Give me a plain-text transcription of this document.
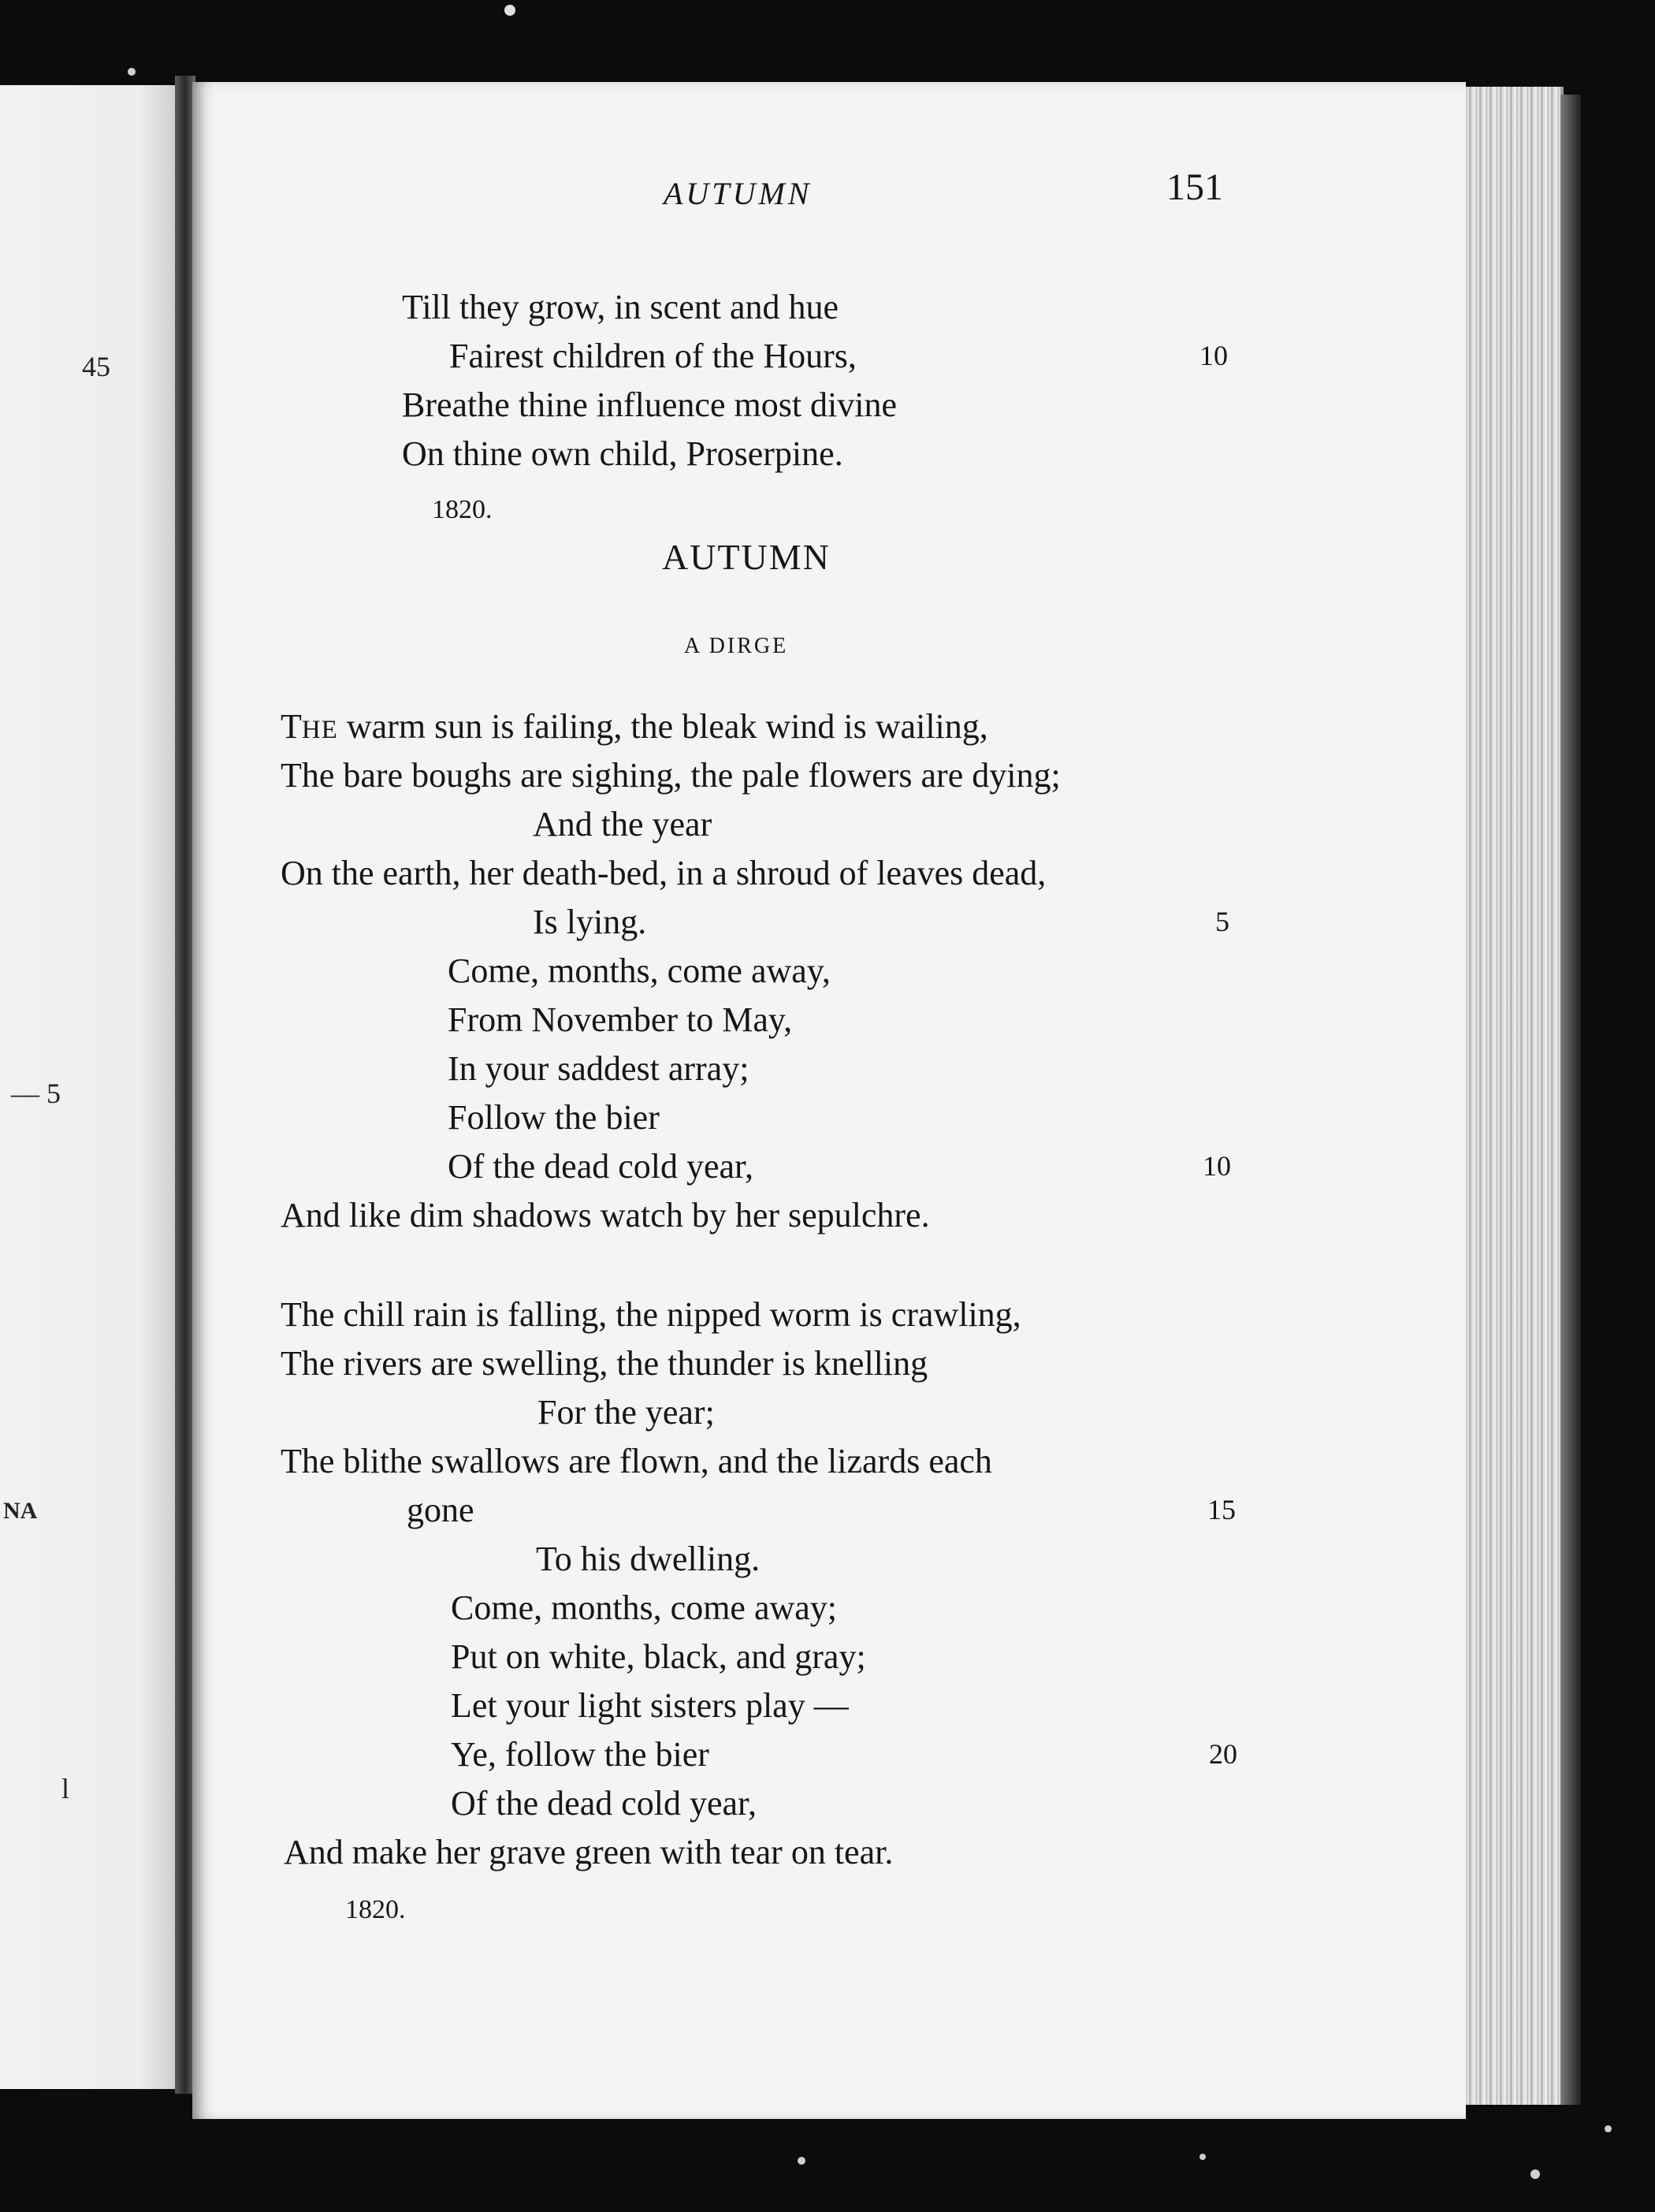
45
— 5
NA
l
AUTUMN	151
Till they grow, in scent and hue
Fairest children of the Hours,	10
Breathe thine influence most divine
On thine own child, Proserpine.
1820.
AUTUMN
A DIRGE
THE warm sun is failing, the bleak wind is wailing,
The bare boughs are sighing, the pale flowers are dying;
And the year
On the earth, her death-bed, in a shroud of leaves dead,
Is lying.	5
Come, months, come away,
From November to May,
In your saddest array;
Follow the bier
Of the dead cold year,	10
And like dim shadows watch by her sepulchre.
The chill rain is falling, the nipped worm is crawling,
The rivers are swelling, the thunder is knelling
For the year;
The blithe swallows are flown, and the lizards each
gone	15
To his dwelling.
Come, months, come away;
Put on white, black, and gray;
Let your light sisters play —
Ye, follow the bier	20
Of the dead cold year,
And make her grave green with tear on tear.
1820.
